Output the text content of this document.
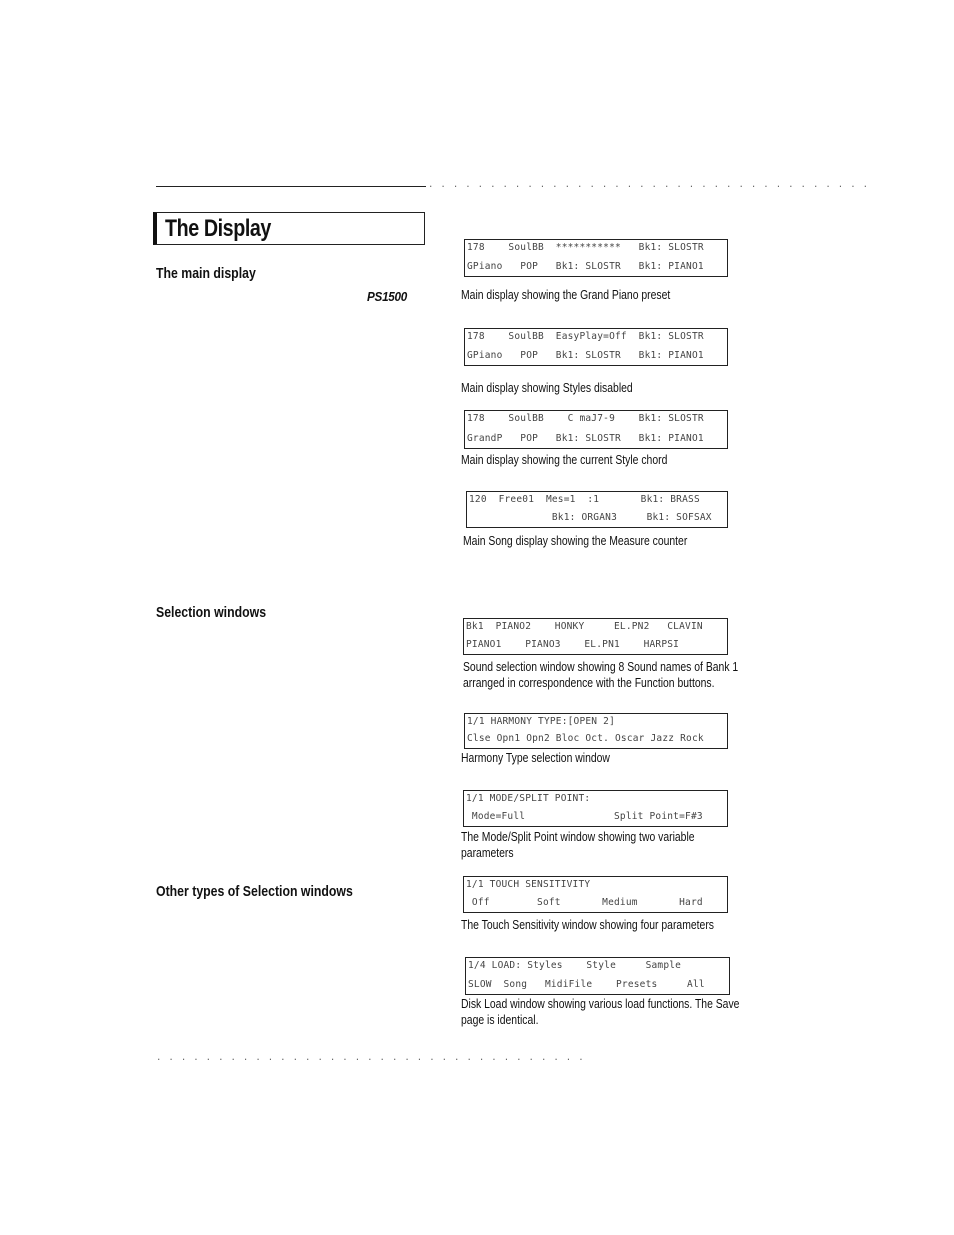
....................................
The Display
The main display
PS1500
Selection windows
Other types of Selection windows
178    SoulBB  ***********   Bk1: SLOSTR
GPiano   POP   Bk1: SLOSTR   Bk1: PIANO1
Main display showing the Grand Piano preset
178    SoulBB  EasyPlay=Off  Bk1: SLOSTR
GPiano   POP   Bk1: SLOSTR   Bk1: PIANO1
Main display showing Styles disabled
178    SoulBB    C maJ7-9    Bk1: SLOSTR
GrandP   POP   Bk1: SLOSTR   Bk1: PIANO1
Main display showing the current Style chord
120  Free01  Mes=1  :1       Bk1: BRASS
Bk1: ORGAN3     Bk1: SOFSAX
Main Song display showing the Measure counter
Bk1  PIANO2    HONKY     EL.PN2   CLAVIN
PIANO1    PIANO3    EL.PN1    HARPSI
Sound selection window showing 8 Sound names of Bank 1
arranged in correspondence with the Function buttons.
1/1 HARMONY TYPE:[OPEN 2]
Clse Opn1 Opn2 Bloc Oct. Oscar Jazz Rock
Harmony Type selection window
1/1 MODE/SPLIT POINT:
Mode=Full               Split Point=F#3
The Mode/Split Point window showing two variable
parameters
1/1 TOUCH SENSITIVITY
Off        Soft       Medium       Hard
The Touch Sensitivity window showing four parameters
1/4 LOAD: Styles    Style     Sample
SLOW  Song   MidiFile    Presets     All
Disk Load window showing various load functions. The Save
page is identical.
...................................
